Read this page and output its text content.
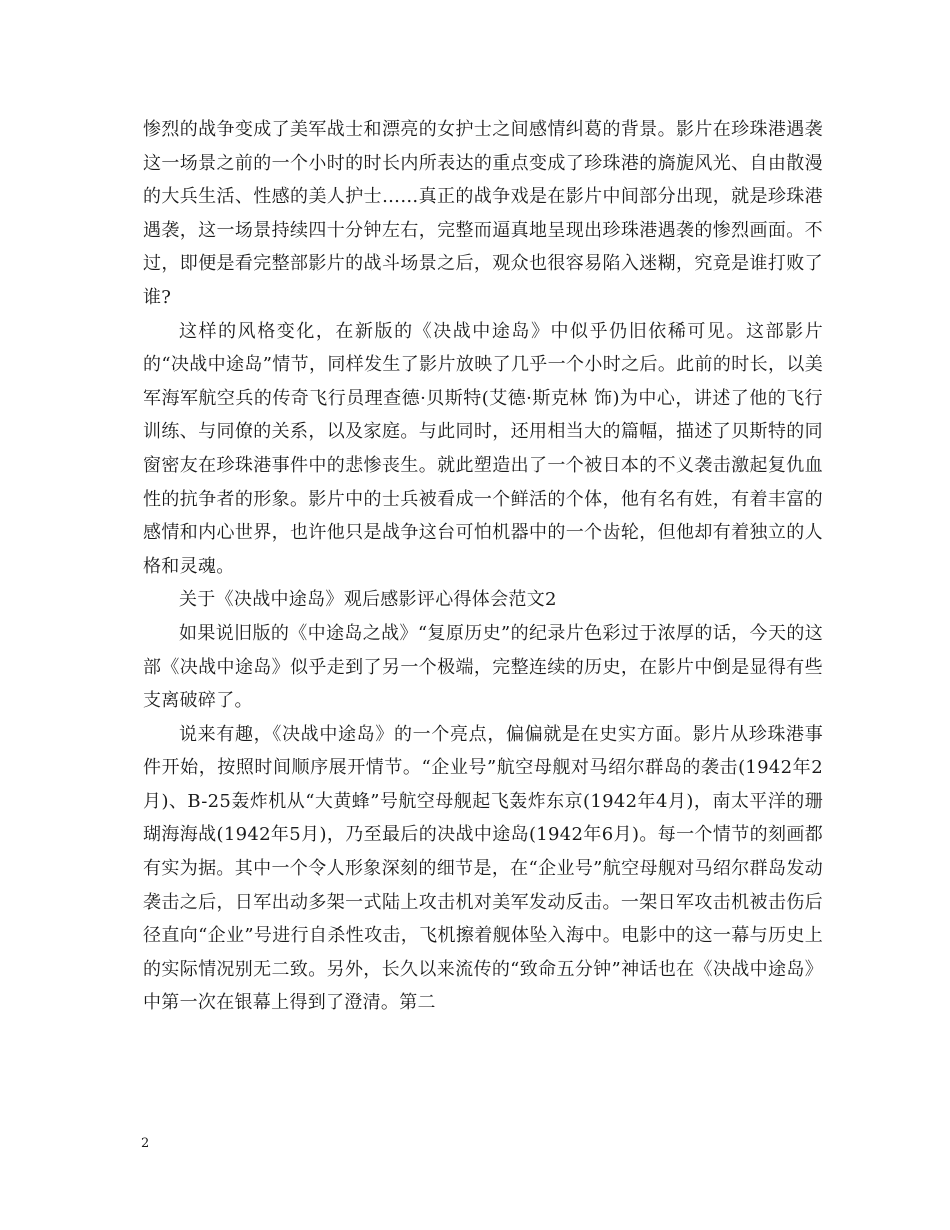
惨烈的战争变成了美军战士和漂亮的女护士之间感情纠葛的背景。影片在珍珠港遇袭这一场景之前的一个小时的时长内所表达的重点变成了珍珠港的旖旎风光、自由散漫的大兵生活、性感的美人护士……真正的战争戏是在影片中间部分出现，就是珍珠港遇袭，这一场景持续四十分钟左右，完整而逼真地呈现出珍珠港遇袭的惨烈画面。不过，即便是看完整部影片的战斗场景之后，观众也很容易陷入迷糊，究竟是谁打败了谁?

这样的风格变化，在新版的《决战中途岛》中似乎仍旧依稀可见。这部影片的“决战中途岛”情节，同样发生了影片放映了几乎一个小时之后。此前的时长，以美军海军航空兵的传奇飞行员理查德·贝斯特(艾德·斯克林 饰)为中心，讲述了他的飞行训练、与同僚的关系，以及家庭。与此同时，还用相当大的篇幅，描述了贝斯特的同窗密友在珍珠港事件中的悲惨丧生。就此塑造出了一个被日本的不义袭击激起复仇血性的抗争者的形象。影片中的士兵被看成一个鲜活的个体，他有名有姓，有着丰富的感情和内心世界，也许他只是战争这台可怕机器中的一个齿轮，但他却有着独立的人格和灵魂。

关于《决战中途岛》观后感影评心得体会范文2

如果说旧版的《中途岛之战》“复原历史”的纪录片色彩过于浓厚的话，今天的这部《决战中途岛》似乎走到了另一个极端，完整连续的历史，在影片中倒是显得有些支离破碎了。

说来有趣，《决战中途岛》的一个亮点，偏偏就是在史实方面。影片从珍珠港事件开始，按照时间顺序展开情节。“企业号”航空母舰对马绍尔群岛的袭击(1942年2月)、B-25轰炸机从“大黄蜂”号航空母舰起飞轰炸东京(1942年4月)，南太平洋的珊瑚海海战(1942年5月)，乃至最后的决战中途岛(1942年6月)。每一个情节的刻画都有实为据。其中一个令人形象深刻的细节是，在“企业号”航空母舰对马绍尔群岛发动袭击之后，日军出动多架一式陆上攻击机对美军发动反击。一架日军攻击机被击伤后径直向“企业”号进行自杀性攻击，飞机擦着舰体坠入海中。电影中的这一幕与历史上的实际情况别无二致。另外，长久以来流传的“致命五分钟”神话也在《决战中途岛》中第一次在银幕上得到了澄清。第二

2
